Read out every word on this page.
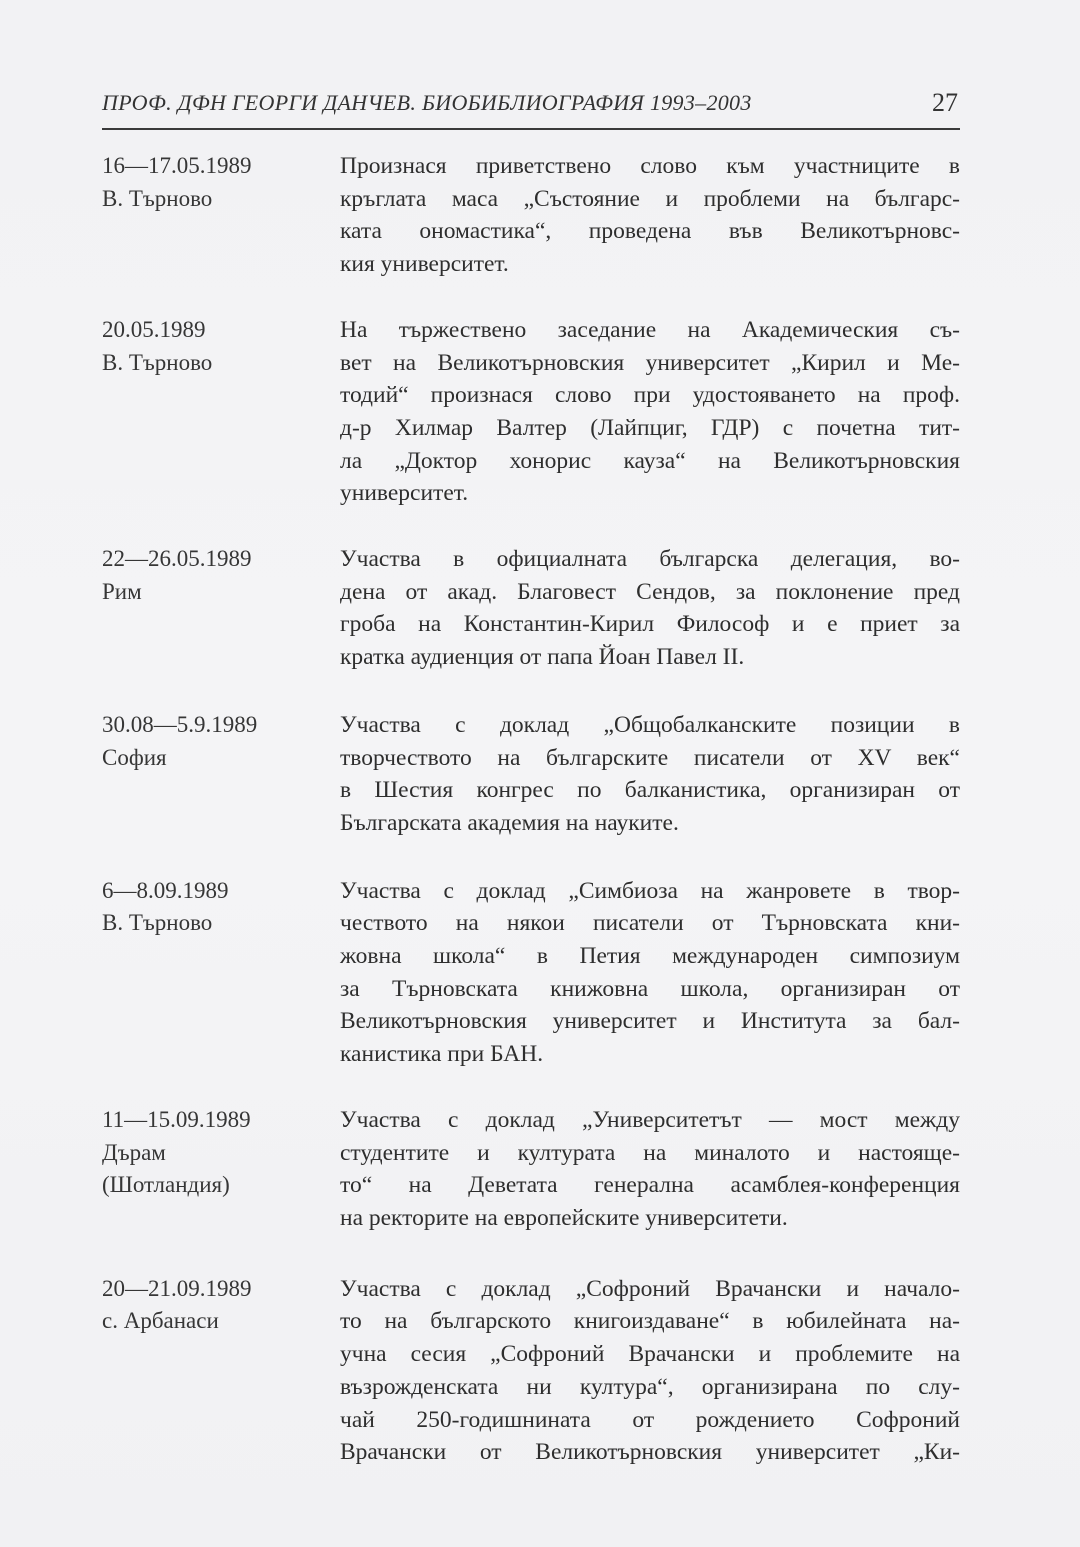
ПРОФ. ДФН ГЕОРГИ ДАНЧЕВ. БИОБИБЛИОГРАФИЯ 1993–2003	27
16—17.05.1989
В. Търново
Произнася приветствено слово към участниците в
кръглата маса „Състояние и проблеми на българс-
ката ономастика“, проведена във Великотърновс-
кия университет.
20.05.1989
В. Търново
На тържествено заседание на Академическия съ-
вет на Великотърновския университет „Кирил и Ме-
тодий“ произнася слово при удостояването на проф.
д-р Хилмар Валтер (Лайпциг, ГДР) с почетна тит-
ла „Доктор хонорис кауза“ на Великотърновския
университет.
22—26.05.1989
Рим
Участва в официалната българска делегация, во-
дена от акад. Благовест Сендов, за поклонение пред
гроба на Константин-Кирил Философ и е приет за
кратка аудиенция от папа Йоан Павел II.
30.08—5.9.1989
София
Участва с доклад „Общобалканските позиции в
творчеството на българските писатели от XV век“
в Шестия конгрес по балканистика, организиран от
Българската академия на науките.
6—8.09.1989
В. Търново
Участва с доклад „Симбиоза на жанровете в твор-
чеството на някои писатели от Търновската кни-
жовна школа“ в Петия международен симпозиум
за Търновската книжовна школа, организиран от
Великотърновския университет и Института за бал-
канистика при БАН.
11—15.09.1989
Дърам
(Шотландия)
Участва с доклад „Университетът — мост между
студентите и културата на миналото и настояще-
то“ на Деветата генерална асамблея-конференция
на ректорите на европейските университети.
20—21.09.1989
с. Арбанаси
Участва с доклад „Софроний Врачански и начало-
то на българското книгоиздаване“ в юбилейната на-
учна сесия „Софроний Врачански и проблемите на
възрожденската ни култура“, организирана по слу-
чай 250-годишнината от рождението Софроний
Врачански от Великотърновския университет „Ки-
